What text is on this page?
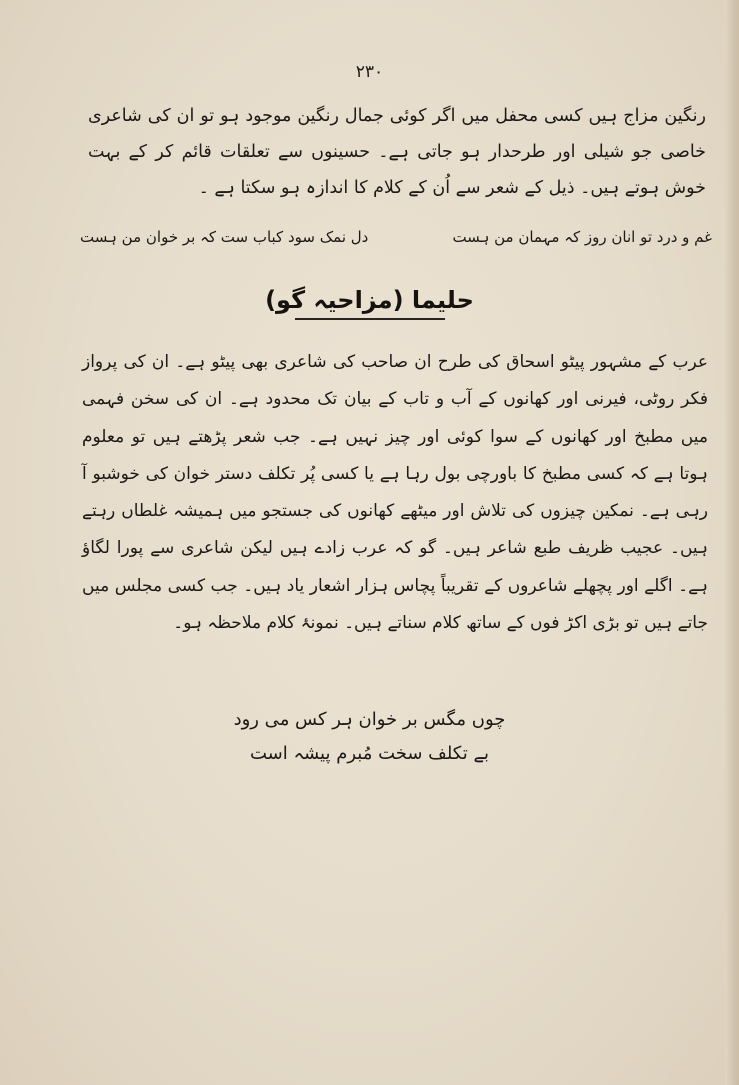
۲۳۰
رنگین مزاج ہیں کسی محفل میں اگر کوئی جمال رنگین موجود ہو تو ان کی شاعری خاصی جو شیلی اور طرحدار ہو جاتی ہے۔ حسینوں سے تعلقات قائم کر کے بہت خوش ہوتے ہیں۔ ذیل کے شعر سے اُن کے کلام کا اندازہ ہو سکتا ہے ۔
غم و درد تو انان روز کہ مہمان من ہست
دل نمک سود کباب ست کہ بر خوان من ہست
حلیما (مزاحیہ گو)
عرب کے مشہور پیٹو اسحاق کی طرح ان صاحب کی شاعری بھی پیٹو ہے۔ ان کی پرواز فکر روٹی، فیرنی اور کھانوں کے آب و تاب کے بیان تک محدود ہے۔ ان کی سخن فہمی میں مطبخ اور کھانوں کے سوا کوئی اور چیز نہیں ہے۔ جب شعر پڑھتے ہیں تو معلوم ہوتا ہے کہ کسی مطبخ کا باورچی بول رہا ہے یا کسی پُر تکلف دستر خوان کی خوشبو آ رہی ہے۔ نمکین چیزوں کی تلاش اور میٹھے کھانوں کی جستجو میں ہمیشہ غلطاں رہتے ہیں۔ عجیب ظریف طبع شاعر ہیں۔ گو کہ عرب زادے ہیں لیکن شاعری سے پورا لگاؤ ہے۔ اگلے اور پچھلے شاعروں کے تقریباً پچاس ہزار اشعار یاد ہیں۔ جب کسی مجلس میں جاتے ہیں تو بڑی اکڑ فوں کے ساتھ کلام سناتے ہیں۔ نمونۂ کلام ملاحظہ ہو۔
چوں مگس بر خوان ہر کس می رود
بے تکلف سخت مُبرم پیشہ است
